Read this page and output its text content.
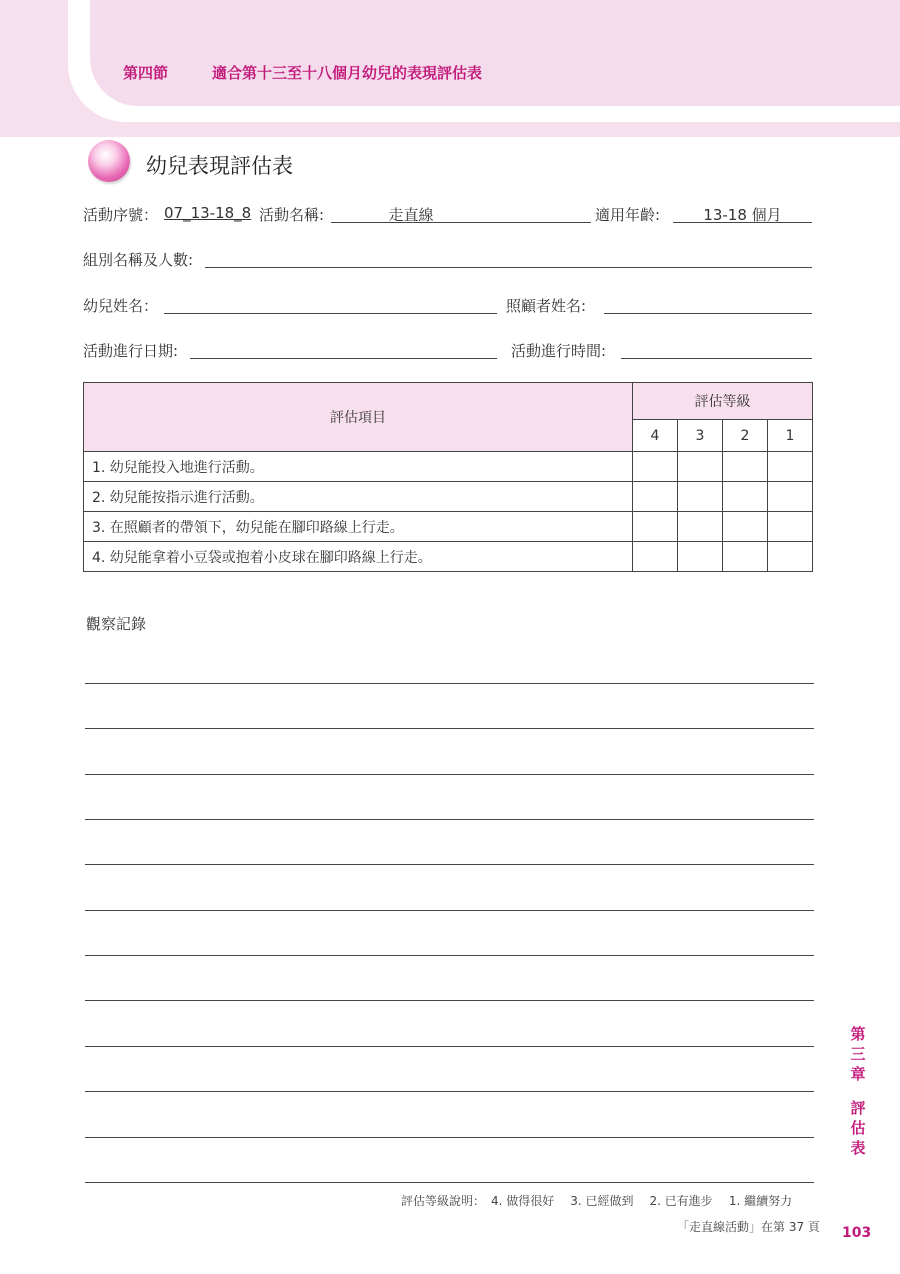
第四節	適合第十三至十八個月幼兒的表現評估表
幼兒表現評估表
活動序號： 07_13-18_8 活動名稱:	走直線	適用年齡:	13-18 個月
組別名稱及人數:
幼兒姓名：	照顧者姓名:
活動進行日期:	活動進行時間:
評估項目	評估等級			
	4	3	2	1
1. 幼兒能投入地進行活動。				
2. 幼兒能按指示進行活動。				
3. 在照顧者的帶領下，幼兒能在腳印路線上行走。				
4. 幼兒能拿着小豆袋或抱着小皮球在腳印路線上行走。				
觀察記錄
第
三
章
評
估
表
評估等級說明： 4. 做得很好 3. 已經做到 2. 已有進步 1. 繼續努力
「走直線活動」在第 37 頁 103
